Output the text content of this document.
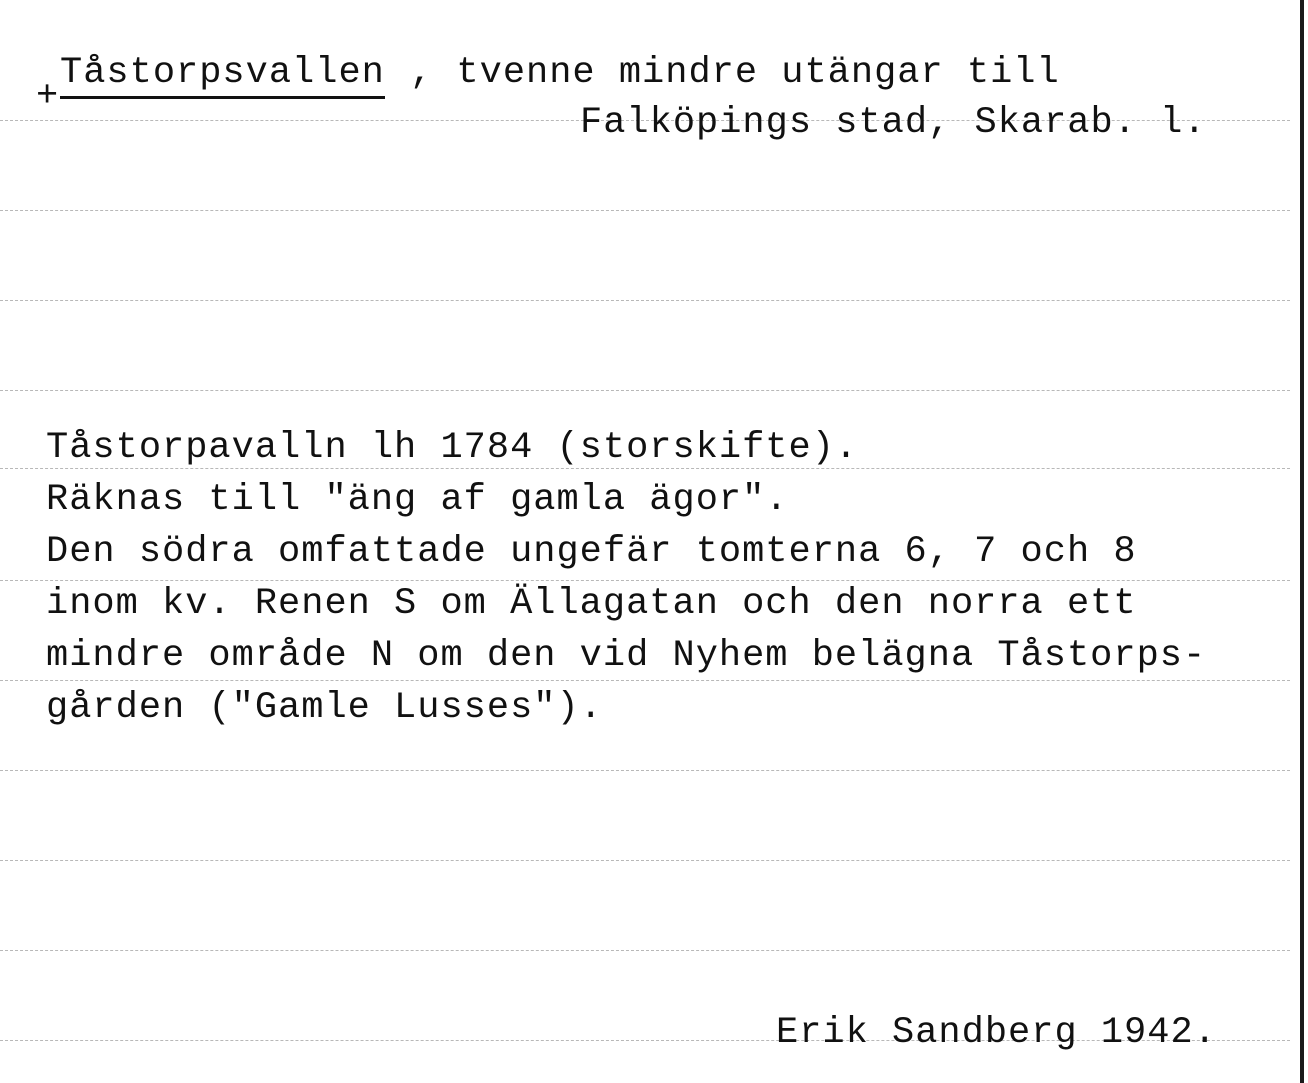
+
Tåstorpsvallen , tvenne mindre utängar till
Falköpings stad, Skarab. l.
Tåstorpavalln lh 1784 (storskifte).
Räknas till "äng af gamla ägor".
Den södra omfattade ungefär tomterna 6, 7 och 8
inom kv. Renen S om Ällagatan och den norra ett
mindre område N om den vid Nyhem belägna Tåstorps-
gården ("Gamle Lusses").
Erik Sandberg 1942.
